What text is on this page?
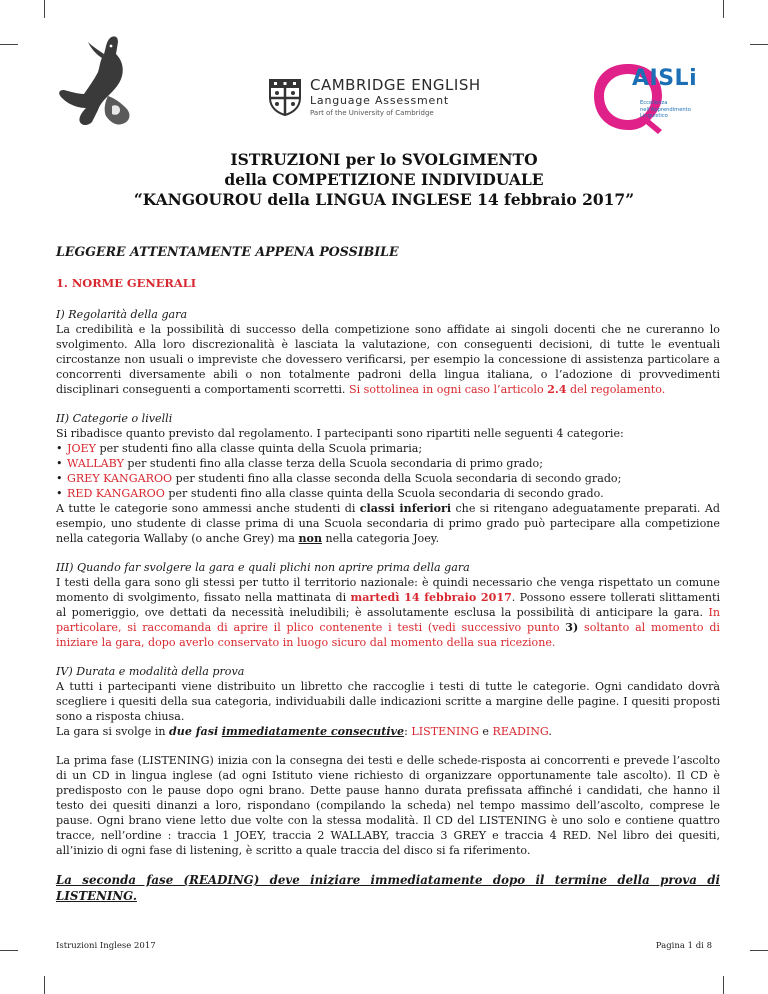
CAMBRIDGE ENGLISH
Language Assessment
Part of the University of Cambridge
AISLi
Eccellenza nell'Apprendimento Linguistico
ISTRUZIONI per lo SVOLGIMENTO
della COMPETIZIONE INDIVIDUALE
“KANGOUROU della LINGUA INGLESE 14 febbraio 2017”
LEGGERE ATTENTAMENTE APPENA POSSIBILE
1. NORME GENERALI

I) Regolarità della gara
La credibilità e la possibilità di successo della competizione sono affidate ai singoli docenti che ne cureranno lo svolgimento. Alla loro discrezionalità è lasciata la valutazione, con conseguenti decisioni, di tutte le eventuali circostanze non usuali o impreviste che dovessero verificarsi, per esempio la concessione di assistenza particolare a concorrenti diversamente abili o non totalmente padroni della lingua italiana, o l’adozione di provvedimenti disciplinari conseguenti a comportamenti scorretti. Si sottolinea in ogni caso l’articolo 2.4 del regolamento.

II) Categorie o livelli
Si ribadisce quanto previsto dal regolamento. I partecipanti sono ripartiti nelle seguenti 4 categorie:
• JOEY per studenti fino alla classe quinta della Scuola primaria;
• WALLABY per studenti fino alla classe terza della Scuola secondaria di primo grado;
• GREY KANGAROO per studenti fino alla classe seconda della Scuola secondaria di secondo grado;
• RED KANGAROO per studenti fino alla classe quinta della Scuola secondaria di secondo grado.
A tutte le categorie sono ammessi anche studenti di classi inferiori che si ritengano adeguatamente preparati. Ad esempio, uno studente di classe prima di una Scuola secondaria di primo grado può partecipare alla competizione nella categoria Wallaby (o anche Grey) ma non nella categoria Joey.

III) Quando far svolgere la gara e quali plichi non aprire prima della gara
I testi della gara sono gli stessi per tutto il territorio nazionale: è quindi necessario che venga rispettato un comune momento di svolgimento, fissato nella mattinata di martedì 14 febbraio 2017. Possono essere tollerati slittamenti al pomeriggio, ove dettati da necessità ineludibili; è assolutamente esclusa la possibilità di anticipare la gara. In particolare, si raccomanda di aprire il plico contenente i testi (vedi successivo punto 3) soltanto al momento di iniziare la gara, dopo averlo conservato in luogo sicuro dal momento della sua ricezione.

IV) Durata e modalità della prova
A tutti i partecipanti viene distribuito un libretto che raccoglie i testi di tutte le categorie. Ogni candidato dovrà scegliere i quesiti della sua categoria, individuabili dalle indicazioni scritte a margine delle pagine. I quesiti proposti sono a risposta chiusa.
La gara si svolge in due fasi immediatamente consecutive: LISTENING e READING.

La prima fase (LISTENING) inizia con la consegna dei testi e delle schede-risposta ai concorrenti e prevede l’ascolto di un CD in lingua inglese (ad ogni Istituto viene richiesto di organizzare opportunamente tale ascolto). Il CD è predisposto con le pause dopo ogni brano. Dette pause hanno durata prefissata affinché i candidati, che hanno il testo dei quesiti dinanzi a loro, rispondano (compilando la scheda) nel tempo massimo dell’ascolto, comprese le pause. Ogni brano viene letto due volte con la stessa modalità. Il CD del LISTENING è uno solo e contiene quattro tracce, nell’ordine : traccia 1 JOEY, traccia 2 WALLABY, traccia 3 GREY e traccia 4 RED. Nel libro dei quesiti, all’inizio di ogni fase di listening, è scritto a quale traccia del disco si fa riferimento.

La seconda fase (READING) deve iniziare immediatamente dopo il termine della prova di LISTENING.

Istruzioni Inglese 2017	Pagina 1 di 8
